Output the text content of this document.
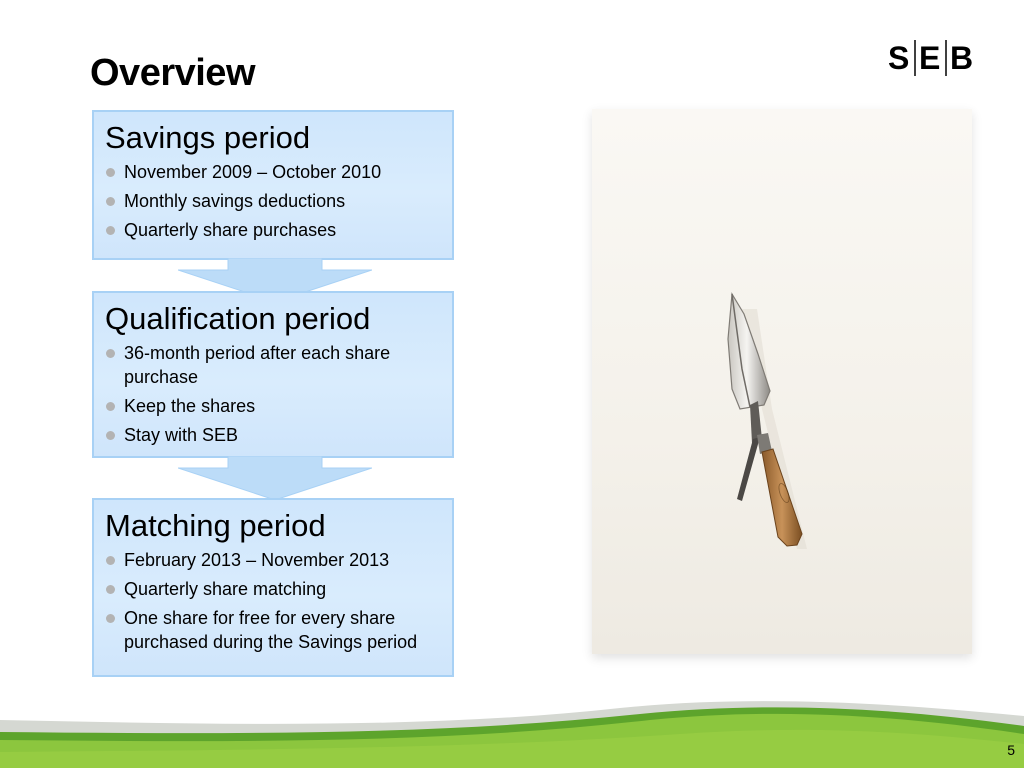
Overview	S E B
Savings period
November 2009 – October 2010
Monthly savings deductions
Quarterly share purchases
Qualification period
36-month period after each share purchase
Keep the shares
Stay with SEB
Matching period
February 2013 – November 2013
Quarterly share matching
One share for free for every share purchased during the Savings period
5
